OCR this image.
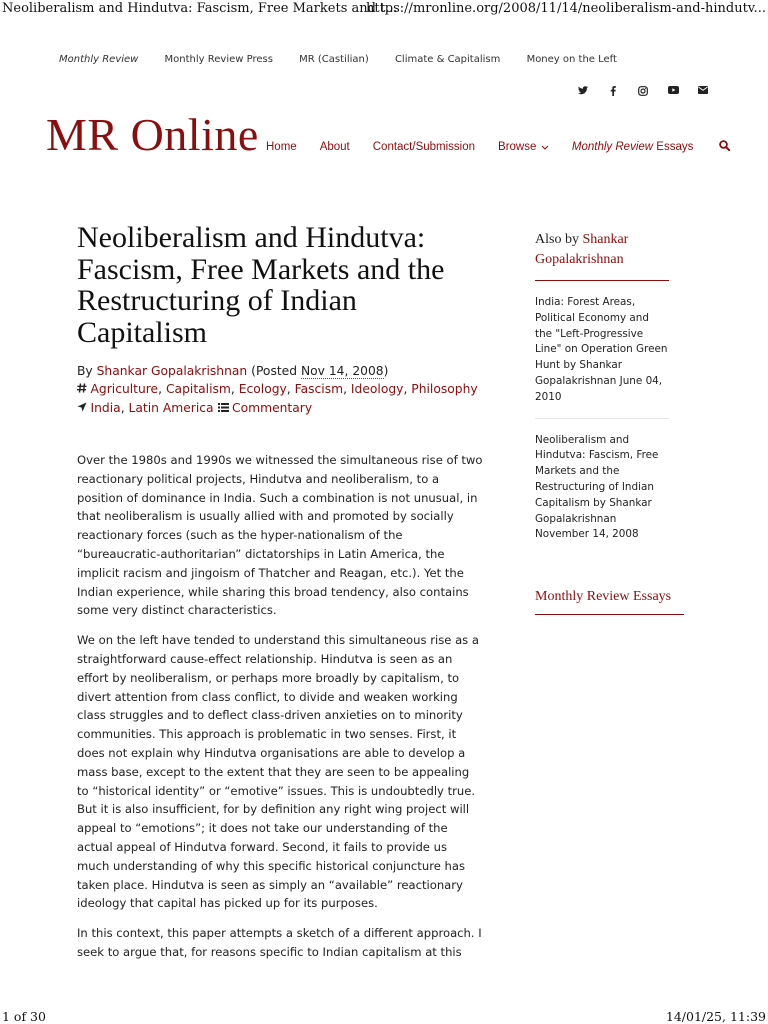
Neoliberalism and Hindutva: Fascism, Free Markets and t...
https://mronline.org/2008/11/14/neoliberalism-and-hindutv...
Monthly Review	Monthly Review Press	MR (Castilian)	Climate & Capitalism	Money on the Left
MR Online Home About Contact/Submission Browse	Monthly Review Essays
Neoliberalism and Hindutva: Fascism, Free Markets and the Restructuring of Indian Capitalism
By Shankar Gopalakrishnan (Posted Nov 14, 2008)
Agriculture, Capitalism, Ecology, Fascism, Ideology, Philosophy  India, Latin America Commentary

Over the 1980s and 1990s we witnessed the simultaneous rise of two reactionary political projects, Hindutva and neoliberalism, to a position of dominance in India. Such a combination is not unusual, in that neoliberalism is usually allied with and promoted by socially reactionary forces (such as the hyper-nationalism of the “bureaucratic-authoritarian” dictatorships in Latin America, the implicit racism and jingoism of Thatcher and Reagan, etc.). Yet the Indian experience, while sharing this broad tendency, also contains some very distinct characteristics.

We on the left have tended to understand this simultaneous rise as a straightforward cause-effect relationship. Hindutva is seen as an effort by neoliberalism, or perhaps more broadly by capitalism, to divert attention from class conflict, to divide and weaken working class struggles and to deflect class-driven anxieties on to minority communities. This approach is problematic in two senses. First, it does not explain why Hindutva organisations are able to develop a mass base, except to the extent that they are seen to be appealing to “historical identity” or “emotive” issues. This is undoubtedly true. But it is also insufficient, for by definition any right wing project will appeal to “emotions”; it does not take our understanding of the actual appeal of Hindutva forward. Second, it fails to provide us much understanding of why this specific historical conjuncture has taken place. Hindutva is seen as simply an “available” reactionary ideology that capital has picked up for its purposes.

In this context, this paper attempts a sketch of a different approach. I seek to argue that, for reasons specific to Indian capitalism at this

Also by Shankar Gopalakrishnan
India: Forest Areas, Political Economy and the "Left-Progressive Line" on Operation Green Hunt by Shankar Gopalakrishnan June 04, 2010
Neoliberalism and Hindutva: Fascism, Free Markets and the Restructuring of Indian Capitalism by Shankar Gopalakrishnan November 14, 2008
Monthly Review Essays
1 of 30	14/01/25, 11:39
